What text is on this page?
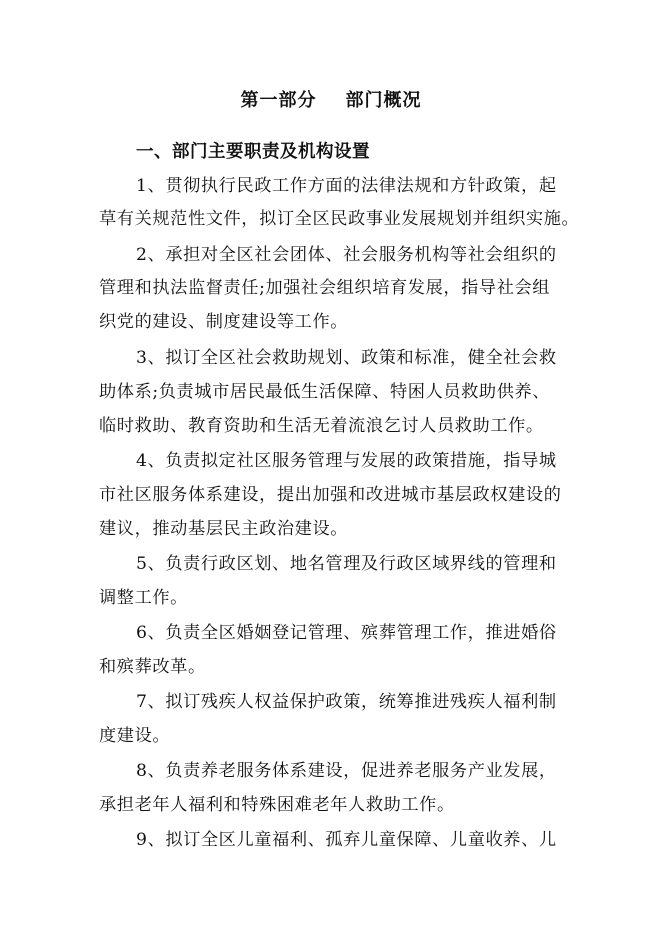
第一部分    部门概况
一、部门主要职责及机构设置
1、贯彻执行民政工作方面的法律法规和方针政策，起
草有关规范性文件，拟订全区民政事业发展规划并组织实施。
2、承担对全区社会团体、社会服务机构等社会组织的
管理和执法监督责任;加强社会组织培育发展，指导社会组
织党的建设、制度建设等工作。
3、拟订全区社会救助规划、政策和标准，健全社会救
助体系;负责城市居民最低生活保障、特困人员救助供养、
临时救助、教育资助和生活无着流浪乞讨人员救助工作。
4、负责拟定社区服务管理与发展的政策措施，指导城
市社区服务体系建设，提出加强和改进城市基层政权建设的
建议，推动基层民主政治建设。
5、负责行政区划、地名管理及行政区域界线的管理和
调整工作。
6、负责全区婚姻登记管理、殡葬管理工作，推进婚俗
和殡葬改革。
7、拟订残疾人权益保护政策，统筹推进残疾人福利制
度建设。
8、负责养老服务体系建设，促进养老服务产业发展，
承担老年人福利和特殊困难老年人救助工作。
9、拟订全区儿童福利、孤弃儿童保障、儿童收养、儿
